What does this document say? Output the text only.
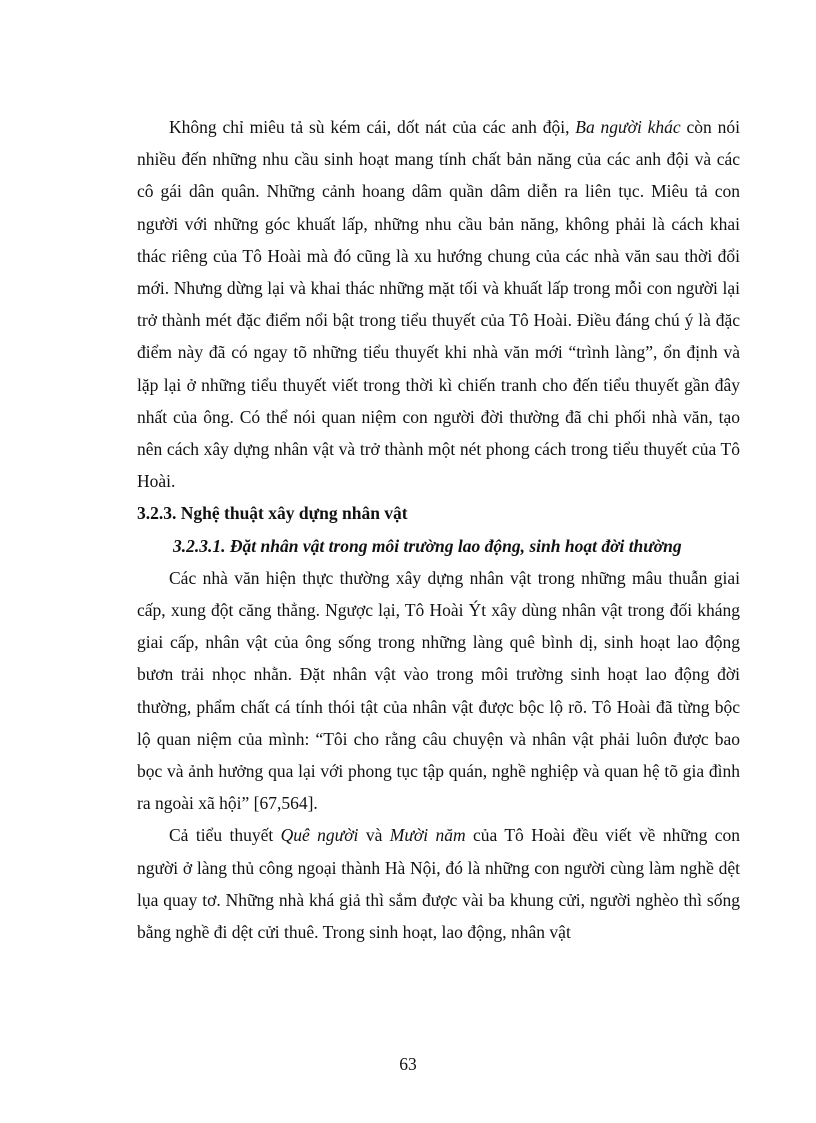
Không chỉ miêu tả sù kém cái, dốt nát của các anh đội, Ba người khác còn nói nhiều đến những nhu cầu sinh hoạt mang tính chất bản năng của các anh đội và các cô gái dân quân. Những cảnh hoang dâm quần dâm diễn ra liên tục. Miêu tả con người với những góc khuất lấp, những nhu cầu bản năng, không phải là cách khai thác riêng của Tô Hoài mà đó cũng là xu hướng chung của các nhà văn sau thời đổi mới. Nhưng dừng lại và khai thác những mặt tối và khuất lấp trong mỗi con người lại trở thành mét đặc điểm nổi bật trong tiểu thuyết của Tô Hoài. Điều đáng chú ý là đặc điểm này đã có ngay tõ những tiểu thuyết khi nhà văn mới “trình làng”, ổn định và lặp lại ở những tiểu thuyết viết trong thời kì chiến tranh cho đến tiểu thuyết gần đây nhất của ông. Có thể nói quan niệm con người đời thường đã chi phối nhà văn, tạo nên cách xây dựng nhân vật và trở thành một nét phong cách trong tiểu thuyết của Tô Hoài.

3.2.3. Nghệ thuật xây dựng nhân vật

3.2.3.1. Đặt nhân vật trong môi trường lao động, sinh hoạt đời thường

Các nhà văn hiện thực thường xây dựng nhân vật trong những mâu thuẫn giai cấp, xung đột căng thẳng. Ngược lại, Tô Hoài Ýt xây dùng nhân vật trong đối kháng giai cấp, nhân vật của ông sống trong những làng quê bình dị, sinh hoạt lao động bươn trải nhọc nhằn. Đặt nhân vật vào trong môi trường sinh hoạt lao động đời thường, phẩm chất cá tính thói tật của nhân vật được bộc lộ rõ. Tô Hoài đã từng bộc lộ quan niệm của mình: “Tôi cho rằng câu chuyện và nhân vật phải luôn được bao bọc và ảnh hưởng qua lại với phong tục tập quán, nghề nghiệp và quan hệ tõ gia đình ra ngoài xã hội” [67,564].

Cả tiểu thuyết Quê người và Mười năm của Tô Hoài đều viết về những con người ở làng thủ công ngoại thành Hà Nội, đó là những con người cùng làm nghề dệt lụa quay tơ. Những nhà khá giả thì sắm được vài ba khung cửi, người nghèo thì sống bằng nghề đi dệt cửi thuê. Trong sinh hoạt, lao động, nhân vật

63
